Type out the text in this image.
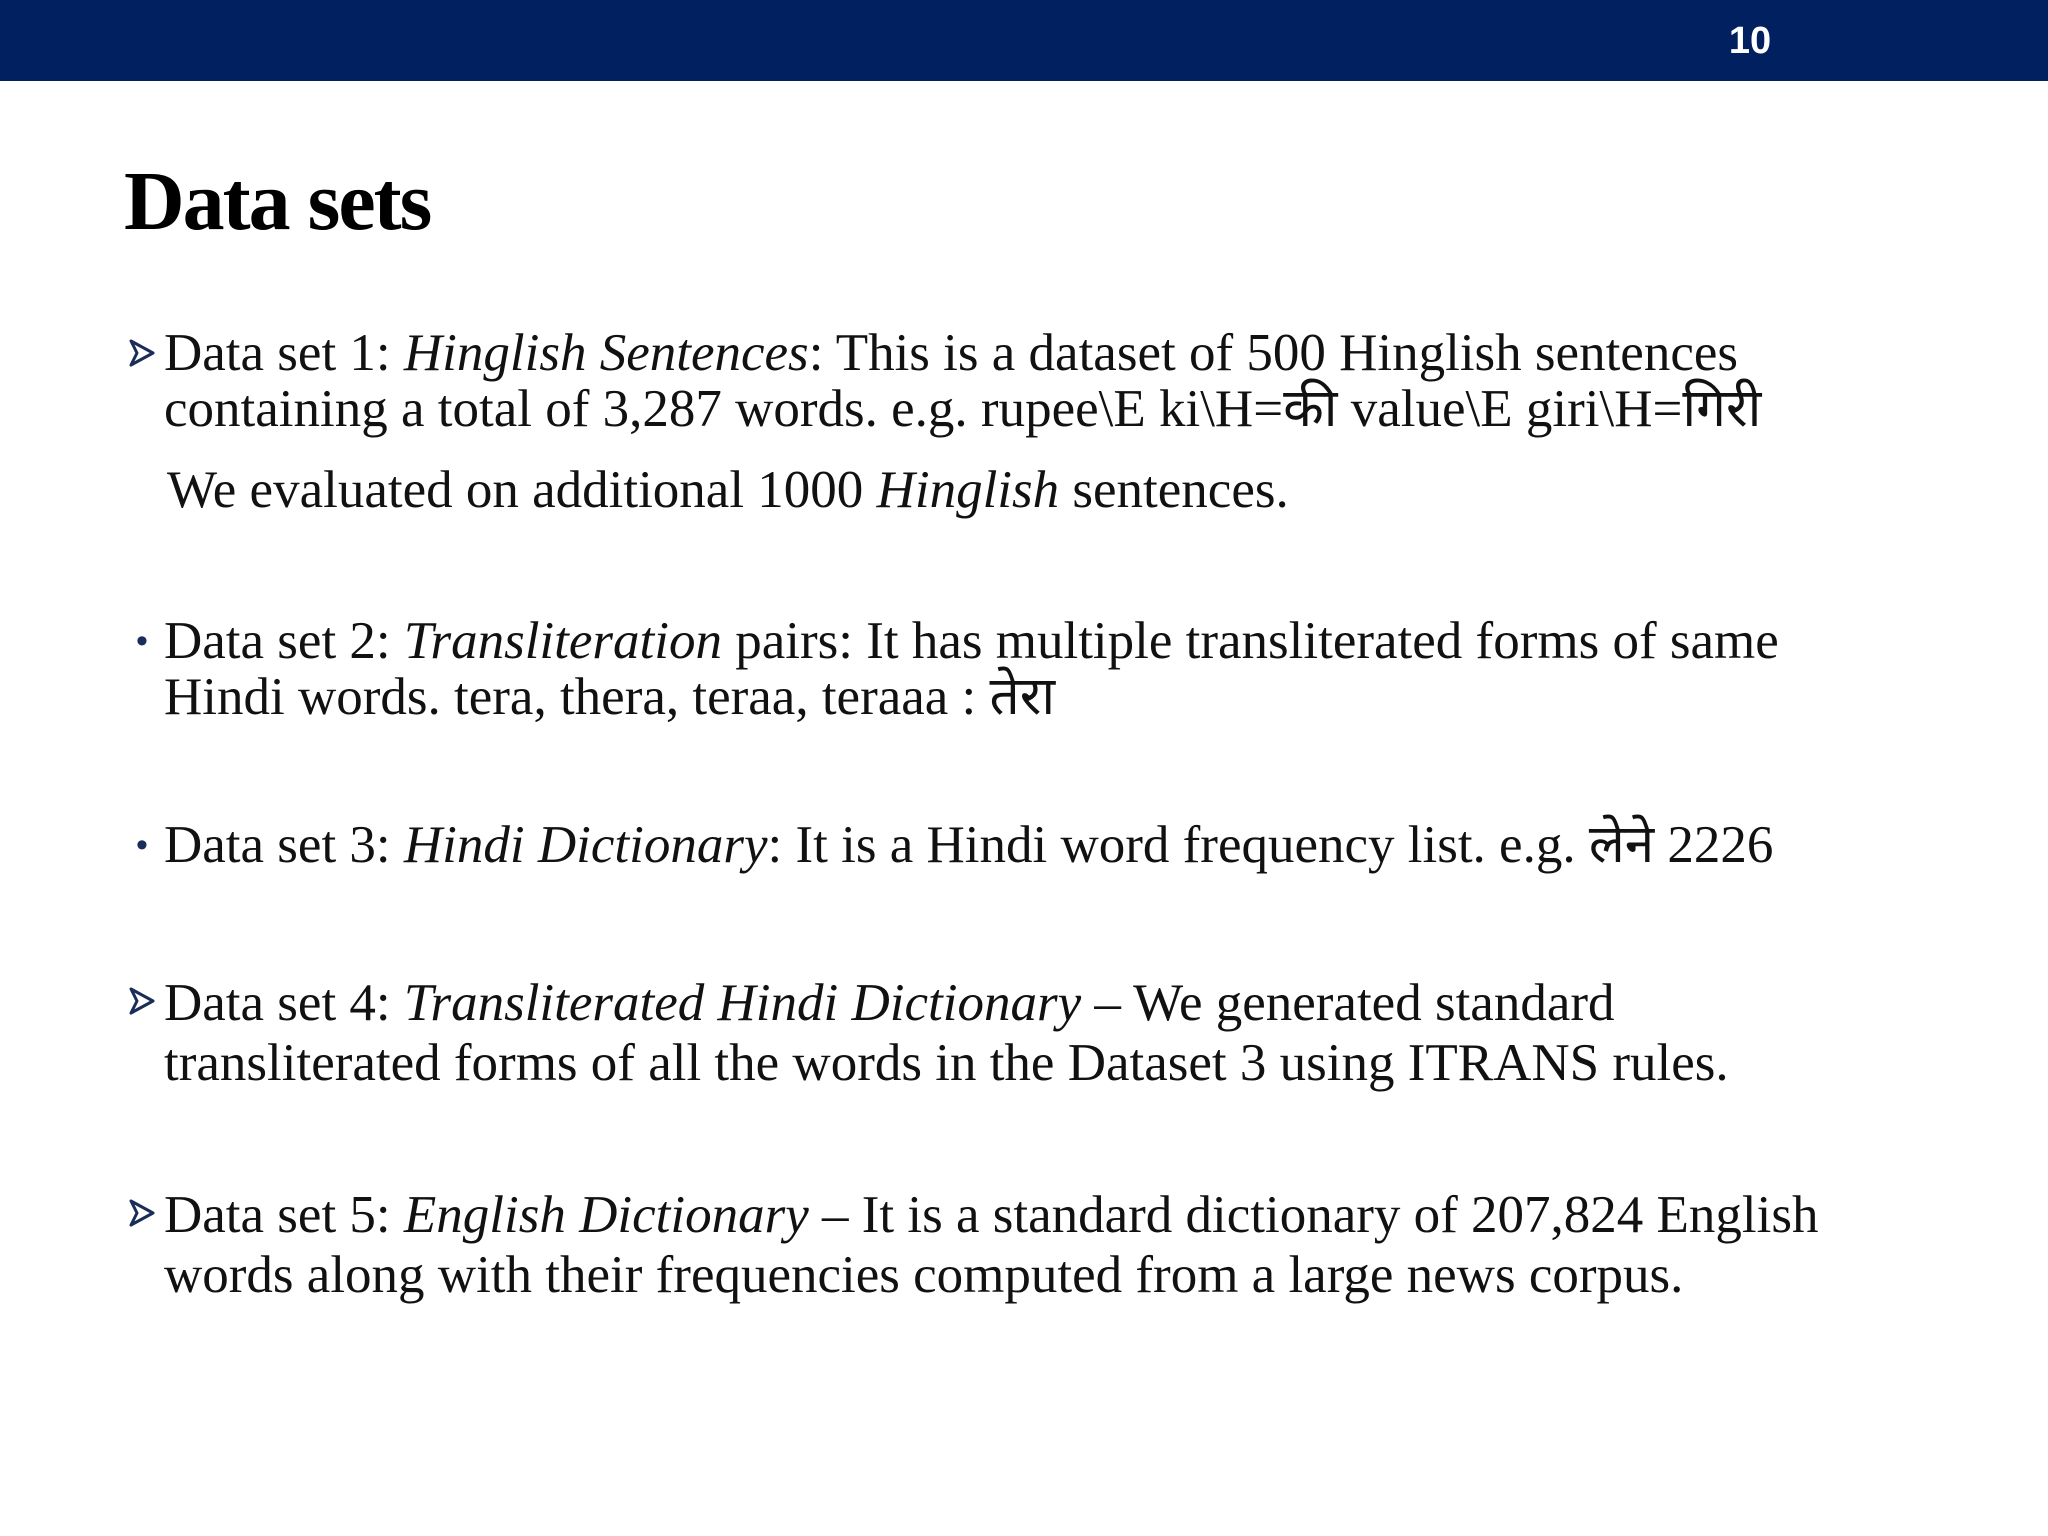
10
Data sets
Data set 1: Hinglish Sentences: This is a dataset of 500 Hinglish sentences
containing a total of 3,287 words. e.g. rupee\E ki\H=की value\E giri\H=गिरी
We evaluated on additional 1000 Hinglish sentences.
• Data set 2: Transliteration pairs: It has multiple transliterated forms of same
Hindi words. tera, thera, teraa, teraaa : तेरा
• Data set 3: Hindi Dictionary: It is a Hindi word frequency list. e.g. लेने 2226
Data set 4: Transliterated Hindi Dictionary – We generated standard
transliterated forms of all the words in the Dataset 3 using ITRANS rules.
Data set 5: English Dictionary – It is a standard dictionary of 207,824 English
words along with their frequencies computed from a large news corpus.
